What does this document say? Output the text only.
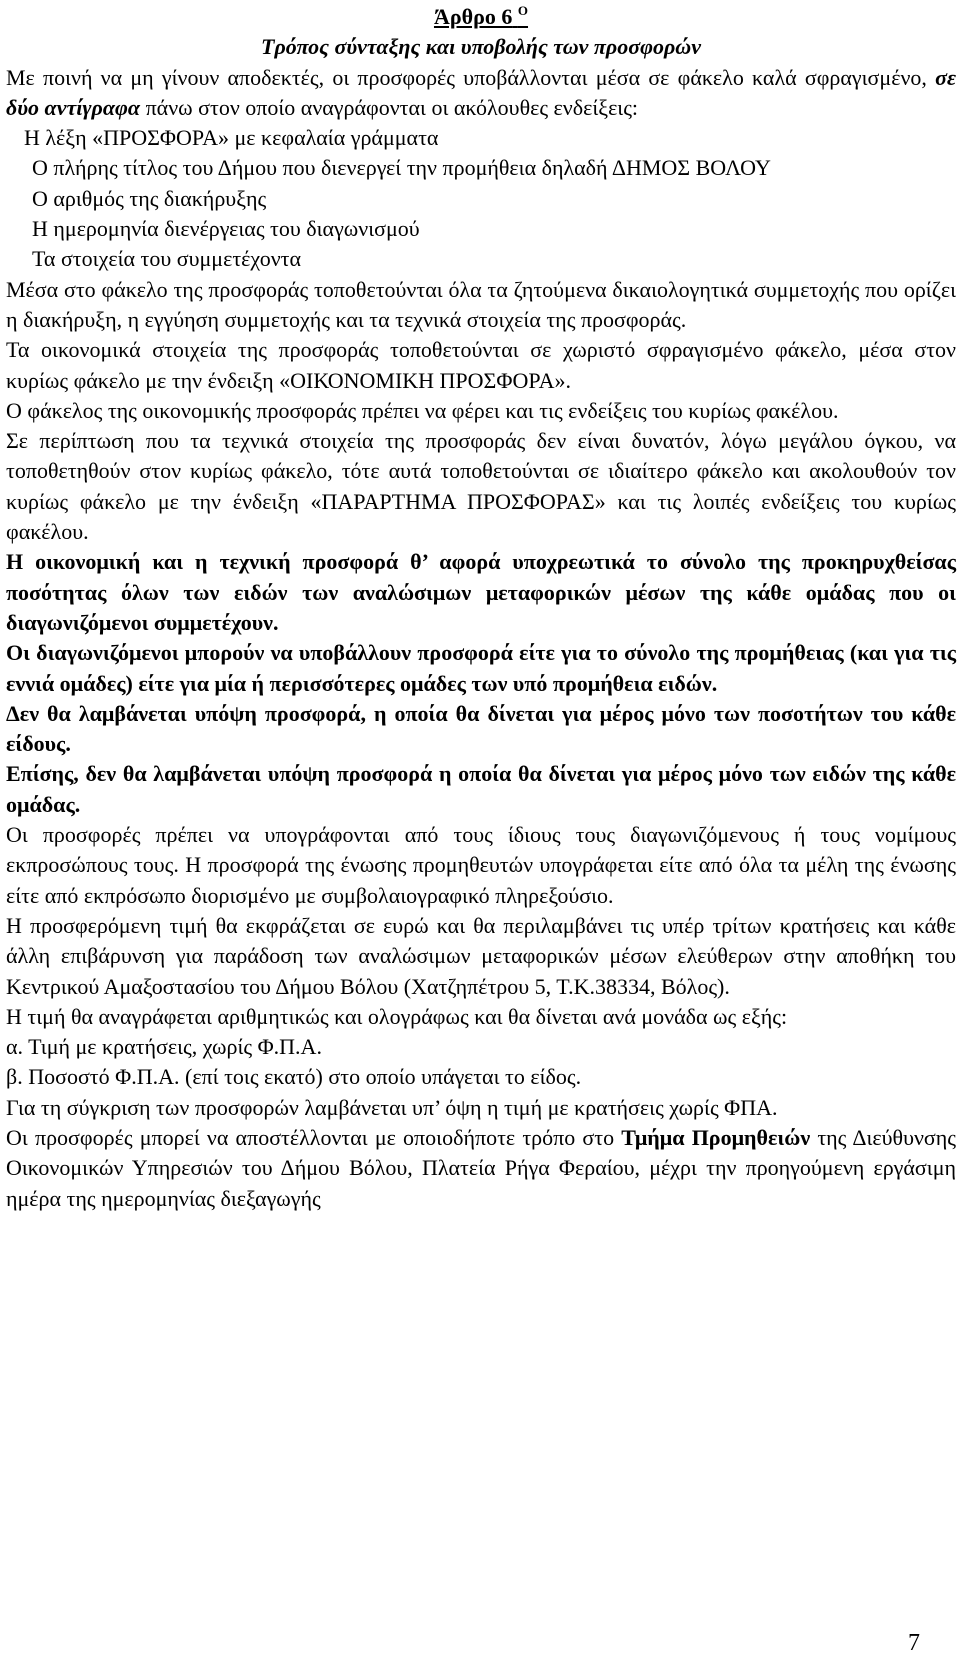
Άρθρο 6 $^O$

Τρόπος σύνταξης και υποβολής των προσφορών

Με ποινή να μη γίνουν αποδεκτές, οι προσφορές υποβάλλονται μέσα σε φάκελο καλά σφραγισμένο, σε δύο αντίγραφα πάνω στον οποίο αναγράφονται οι ακόλουθες ενδείξεις:

Η λέξη «ΠΡΟΣΦΟΡΑ» με κεφαλαία γράμματα

Ο πλήρης τίτλος του Δήμου που διενεργεί την προμήθεια δηλαδή ΔΗΜΟΣ ΒΟΛΟΥ

Ο αριθμός της διακήρυξης

Η ημερομηνία διενέργειας του διαγωνισμού

Τα στοιχεία του συμμετέχοντα

Μέσα στο φάκελο της προσφοράς τοποθετούνται όλα τα ζητούμενα δικαιολογητικά συμμετοχής που ορίζει η διακήρυξη, η εγγύηση συμμετοχής και τα τεχνικά στοιχεία της προσφοράς.

Τα οικονομικά στοιχεία της προσφοράς τοποθετούνται σε χωριστό σφραγισμένο φάκελο, μέσα στον κυρίως φάκελο με την ένδειξη «ΟΙΚΟΝΟΜΙΚΗ ΠΡΟΣΦΟΡΑ».

Ο φάκελος της οικονομικής προσφοράς πρέπει να φέρει και τις ενδείξεις του κυρίως φακέλου.

Σε περίπτωση που τα τεχνικά στοιχεία της προσφοράς δεν είναι δυνατόν, λόγω μεγάλου όγκου, να τοποθετηθούν στον κυρίως φάκελο, τότε αυτά τοποθετούνται σε ιδιαίτερο φάκελο και ακολουθούν τον κυρίως φάκελο με την ένδειξη «ΠΑΡΑΡΤΗΜΑ ΠΡΟΣΦΟΡΑΣ» και τις λοιπές ενδείξεις του κυρίως φακέλου.

Η οικονομική και η τεχνική προσφορά θ’ αφορά υποχρεωτικά το σύνολο της προκηρυχθείσας ποσότητας όλων των ειδών των αναλώσιμων μεταφορικών μέσων της κάθε ομάδας που οι διαγωνιζόμενοι συμμετέχουν.

Οι διαγωνιζόμενοι μπορούν να υποβάλλουν προσφορά είτε για το σύνολο της προμήθειας (και για τις εννιά ομάδες) είτε για μία ή περισσότερες ομάδες των υπό προμήθεια ειδών.

Δεν θα λαμβάνεται υπόψη προσφορά, η οποία θα δίνεται για μέρος μόνο των ποσοτήτων του κάθε είδους.

Επίσης, δεν θα λαμβάνεται υπόψη προσφορά η οποία θα δίνεται για μέρος μόνο των ειδών της κάθε ομάδας.

Οι προσφορές πρέπει να υπογράφονται από τους ίδιους τους διαγωνιζόμενους ή τους νομίμους εκπροσώπους τους. Η προσφορά της ένωσης προμηθευτών υπογράφεται είτε από όλα τα μέλη της ένωσης είτε από εκπρόσωπο διορισμένο με συμβολαιογραφικό πληρεξούσιο.

Η προσφερόμενη τιμή θα εκφράζεται σε ευρώ και θα περιλαμβάνει τις υπέρ τρίτων κρατήσεις και κάθε άλλη επιβάρυνση για παράδοση των αναλώσιμων μεταφορικών μέσων ελεύθερων στην αποθήκη του Κεντρικού Αμαξοστασίου του Δήμου Βόλου (Χατζηπέτρου 5, Τ.Κ.38334, Βόλος).

Η τιμή θα αναγράφεται αριθμητικώς και ολογράφως και θα δίνεται ανά μονάδα ως εξής:

α. Τιμή με κρατήσεις, χωρίς Φ.Π.Α.

β. Ποσοστό Φ.Π.Α. (επί τοις εκατό) στο οποίο υπάγεται το είδος.

Για τη σύγκριση των προσφορών λαμβάνεται υπ’ όψη η τιμή με κρατήσεις χωρίς ΦΠΑ.

Οι προσφορές μπορεί να αποστέλλονται με οποιοδήποτε τρόπο στο Τμήμα Προμηθειών της Διεύθυνσης Οικονομικών Υπηρεσιών του Δήμου Βόλου, Πλατεία Ρήγα Φεραίου, μέχρι την προηγούμενη εργάσιμη ημέρα της ημερομηνίας διεξαγωγής

7
